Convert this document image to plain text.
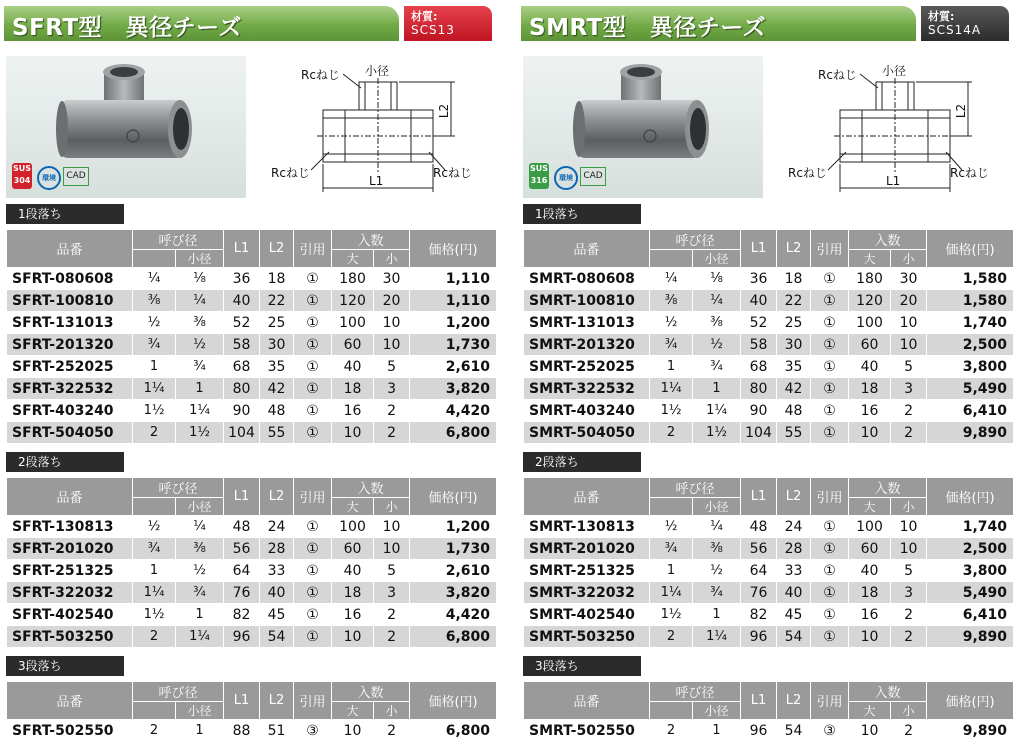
SFRT型　異径チーズ	材質:
SCS13
SUS 304	環境	CAD
Rcねじ 小径
L2
Rcねじ	Rcねじ
L1
1段落ち
品番	呼び径		L1	L2	引用	入数		価格(円)
		小径				大	小	
SFRT-080608	¼	⅛	36	18	①	180	30	1,110
SFRT-100810	⅜	¼	40	22	①	120	20	1,110
SFRT-131013	½	⅜	52	25	①	100	10	1,200
SFRT-201320	¾	½	58	30	①	60	10	1,730
SFRT-252025	1	¾	68	35	①	40	5	2,610
SFRT-322532	1¼	1	80	42	①	18	3	3,820
SFRT-403240	1½	1¼	90	48	①	16	2	4,420
SFRT-504050	2	1½	104	55	①	10	2	6,800
2段落ち
品番	呼び径		L1	L2	引用	入数		価格(円)
		小径				大	小	
SFRT-130813	½	¼	48	24	①	100	10	1,200
SFRT-201020	¾	⅜	56	28	①	60	10	1,730
SFRT-251325	1	½	64	33	①	40	5	2,610
SFRT-322032	1¼	¾	76	40	①	18	3	3,820
SFRT-402540	1½	1	82	45	①	16	2	4,420
SFRT-503250	2	1¼	96	54	①	10	2	6,800
3段落ち
品番	呼び径		L1	L2	引用	入数		価格(円)
		小径				大	小	
SFRT-502550	2	1	88	51	③	10	2	6,800
SMRT型　異径チーズ	材質:
SCS14A
SUS 316	環境	CAD
Rcねじ 小径
L2
Rcねじ	Rcねじ
L1
1段落ち
品番	呼び径		L1	L2	引用	入数		価格(円)
		小径				大	小	
SMRT-080608	¼	⅛	36	18	①	180	30	1,580
SMRT-100810	⅜	¼	40	22	①	120	20	1,580
SMRT-131013	½	⅜	52	25	①	100	10	1,740
SMRT-201320	¾	½	58	30	①	60	10	2,500
SMRT-252025	1	¾	68	35	①	40	5	3,800
SMRT-322532	1¼	1	80	42	①	18	3	5,490
SMRT-403240	1½	1¼	90	48	①	16	2	6,410
SMRT-504050	2	1½	104	55	①	10	2	9,890
2段落ち
品番	呼び径		L1	L2	引用	入数		価格(円)
		小径				大	小	
SMRT-130813	½	¼	48	24	①	100	10	1,740
SMRT-201020	¾	⅜	56	28	①	60	10	2,500
SMRT-251325	1	½	64	33	①	40	5	3,800
SMRT-322032	1¼	¾	76	40	①	18	3	5,490
SMRT-402540	1½	1	82	45	①	16	2	6,410
SMRT-503250	2	1¼	96	54	①	10	2	9,890
3段落ち
品番	呼び径		L1	L2	引用	入数		価格(円)
		小径				大	小	
SMRT-502550	2	1	96	54	③	10	2	9,890
